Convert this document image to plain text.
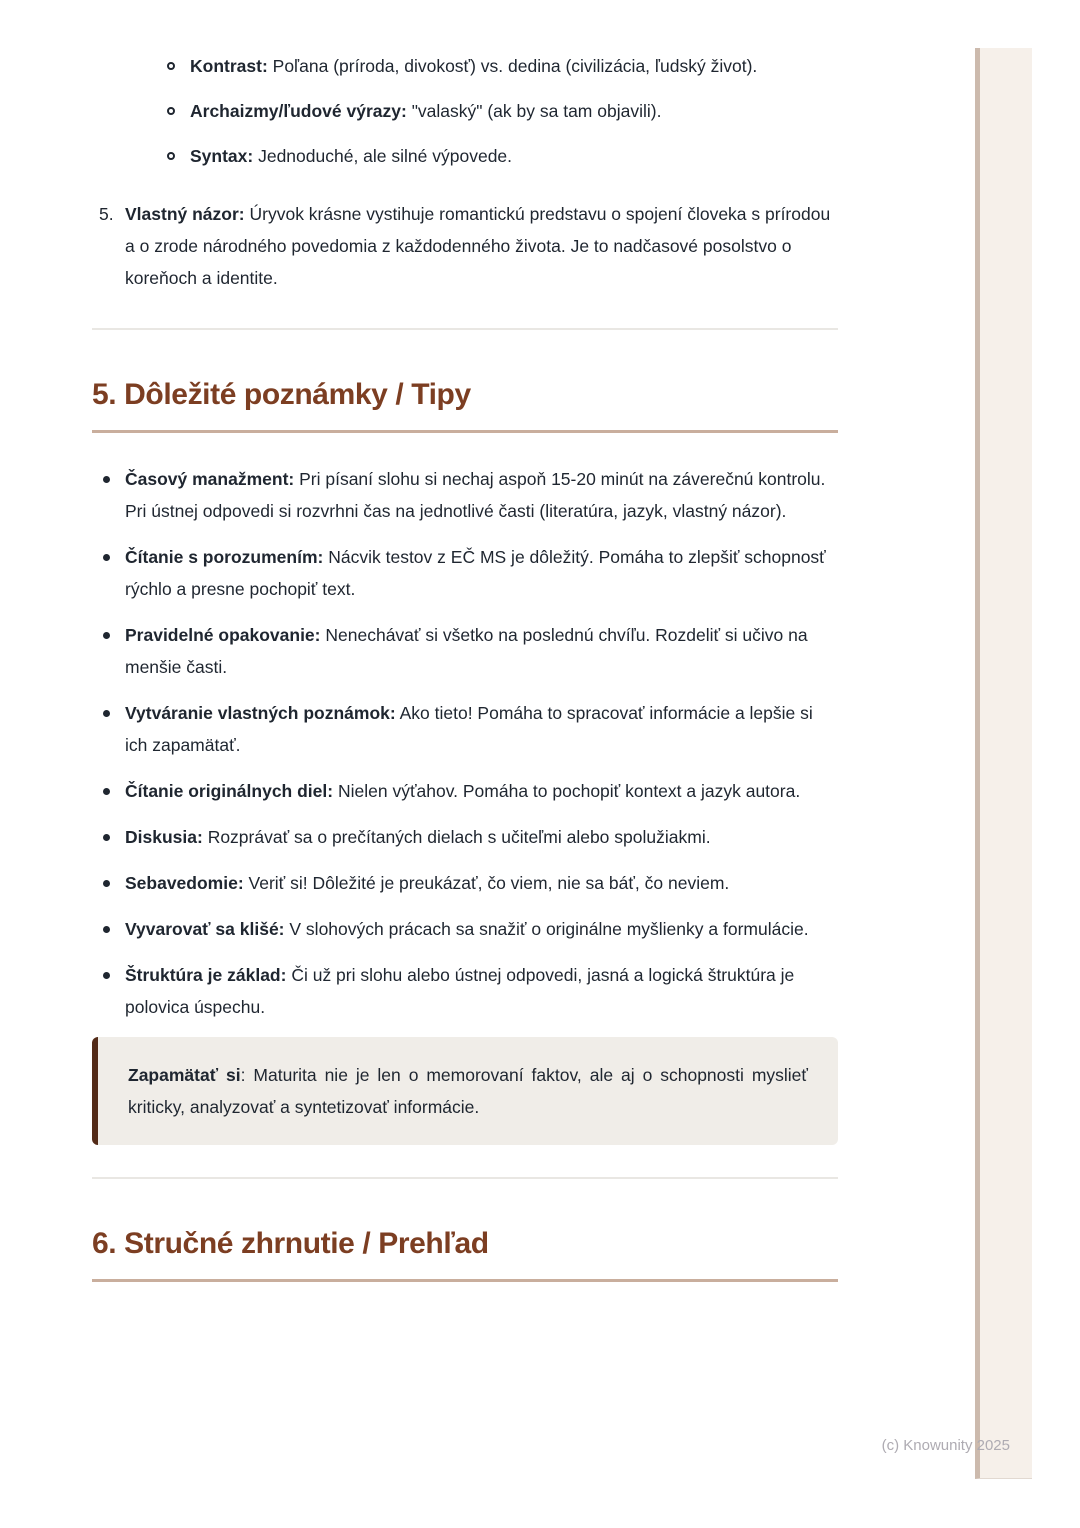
Kontrast: Poľana (príroda, divokosť) vs. dedina (civilizácia, ľudský život).
Archaizmy/ľudové výrazy: "valaský" (ak by sa tam objavili).
Syntax: Jednoduché, ale silné výpovede.
5. Vlastný názor: Úryvok krásne vystihuje romantickú predstavu o spojení človeka s prírodou a o zrode národného povedomia z každodenného života. Je to nadčasové posolstvo o koreňoch a identite.
5. Dôležité poznámky / Tipy
Časový manažment: Pri písaní slohu si nechaj aspoň 15-20 minút na záverečnú kontrolu. Pri ústnej odpovedi si rozvrhni čas na jednotlivé časti (literatúra, jazyk, vlastný názor).
Čítanie s porozumením: Nácvik testov z EČ MS je dôležitý. Pomáha to zlepšiť schopnosť rýchlo a presne pochopiť text.
Pravidelné opakovanie: Nenechávať si všetko na poslednú chvíľu. Rozdeliť si učivo na menšie časti.
Vytváranie vlastných poznámok: Ako tieto! Pomáha to spracovať informácie a lepšie si ich zapamätať.
Čítanie originálnych diel: Nielen výťahov. Pomáha to pochopiť kontext a jazyk autora.
Diskusia: Rozprávať sa o prečítaných dielach s učiteľmi alebo spolužiakmi.
Sebavedomie: Veriť si! Dôležité je preukázať, čo viem, nie sa báť, čo neviem.
Vyvarovať sa klišé: V slohových prácach sa snažiť o originálne myšlienky a formulácie.
Štruktúra je základ: Či už pri slohu alebo ústnej odpovedi, jasná a logická štruktúra je polovica úspechu.
Zapamätať si: Maturita nie je len o memorovaní faktov, ale aj o schopnosti myslieť kriticky, analyzovať a syntetizovať informácie.
6. Stručné zhrnutie / Prehľad
(c) Knowunity 2025
